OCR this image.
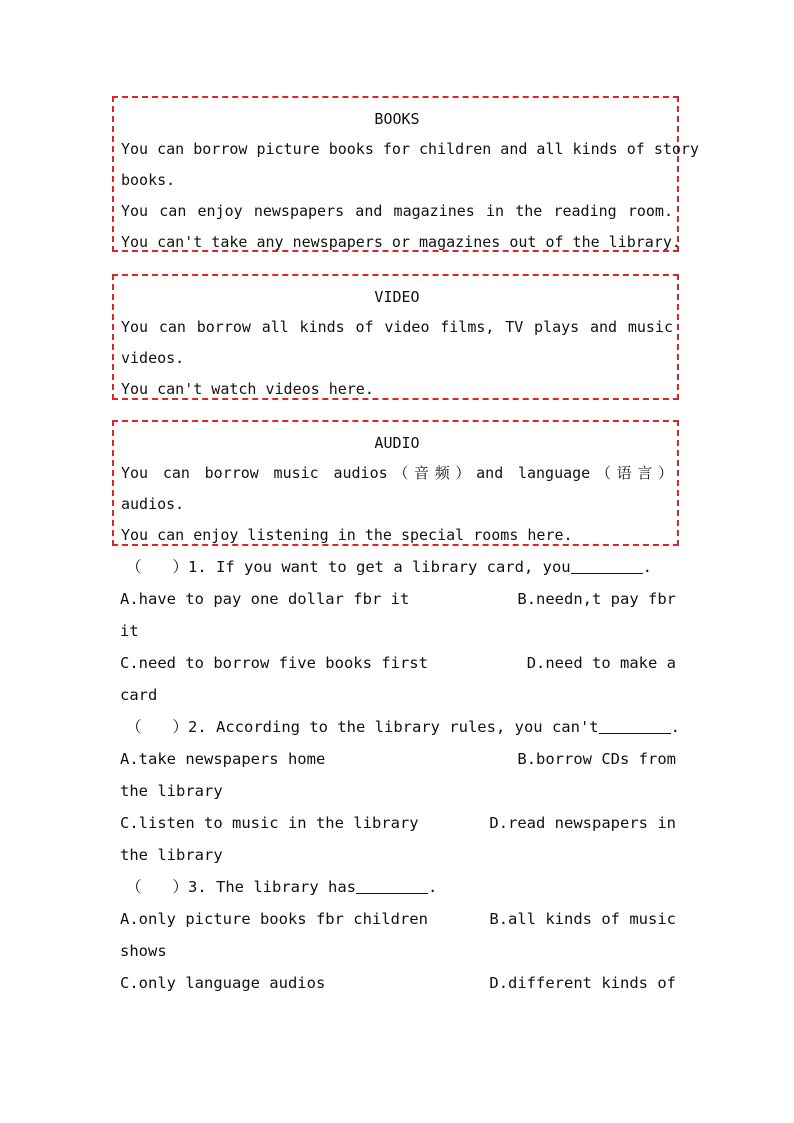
BOOKS
You can borrow picture books for children and all kinds of story
books.
You can enjoy newspapers and magazines in the reading room.
You can't take any newspapers or magazines out of the library.
VIDEO
You can borrow all kinds of video films, TV plays and music
videos.
You can't watch videos here.
AUDIO
You can borrow music audios（音频）and language（语言）
audios.
You can enjoy listening in the special rooms here.
（　　）1. If you want to get a library card, you	.
A.have to pay one dollar fbr it	B.needn,t pay fbr
it
C.need to borrow five books first	D.need to make a
card
（　　）2. According to the library rules, you can't	.
A.take newspapers home	B.borrow CDs from
the library
C.listen to music in the library	D.read newspapers in
the library
（　　）3. The library has	.
A.only picture books fbr children	B.all kinds of music
shows
C.only language audios	D.different kinds of
